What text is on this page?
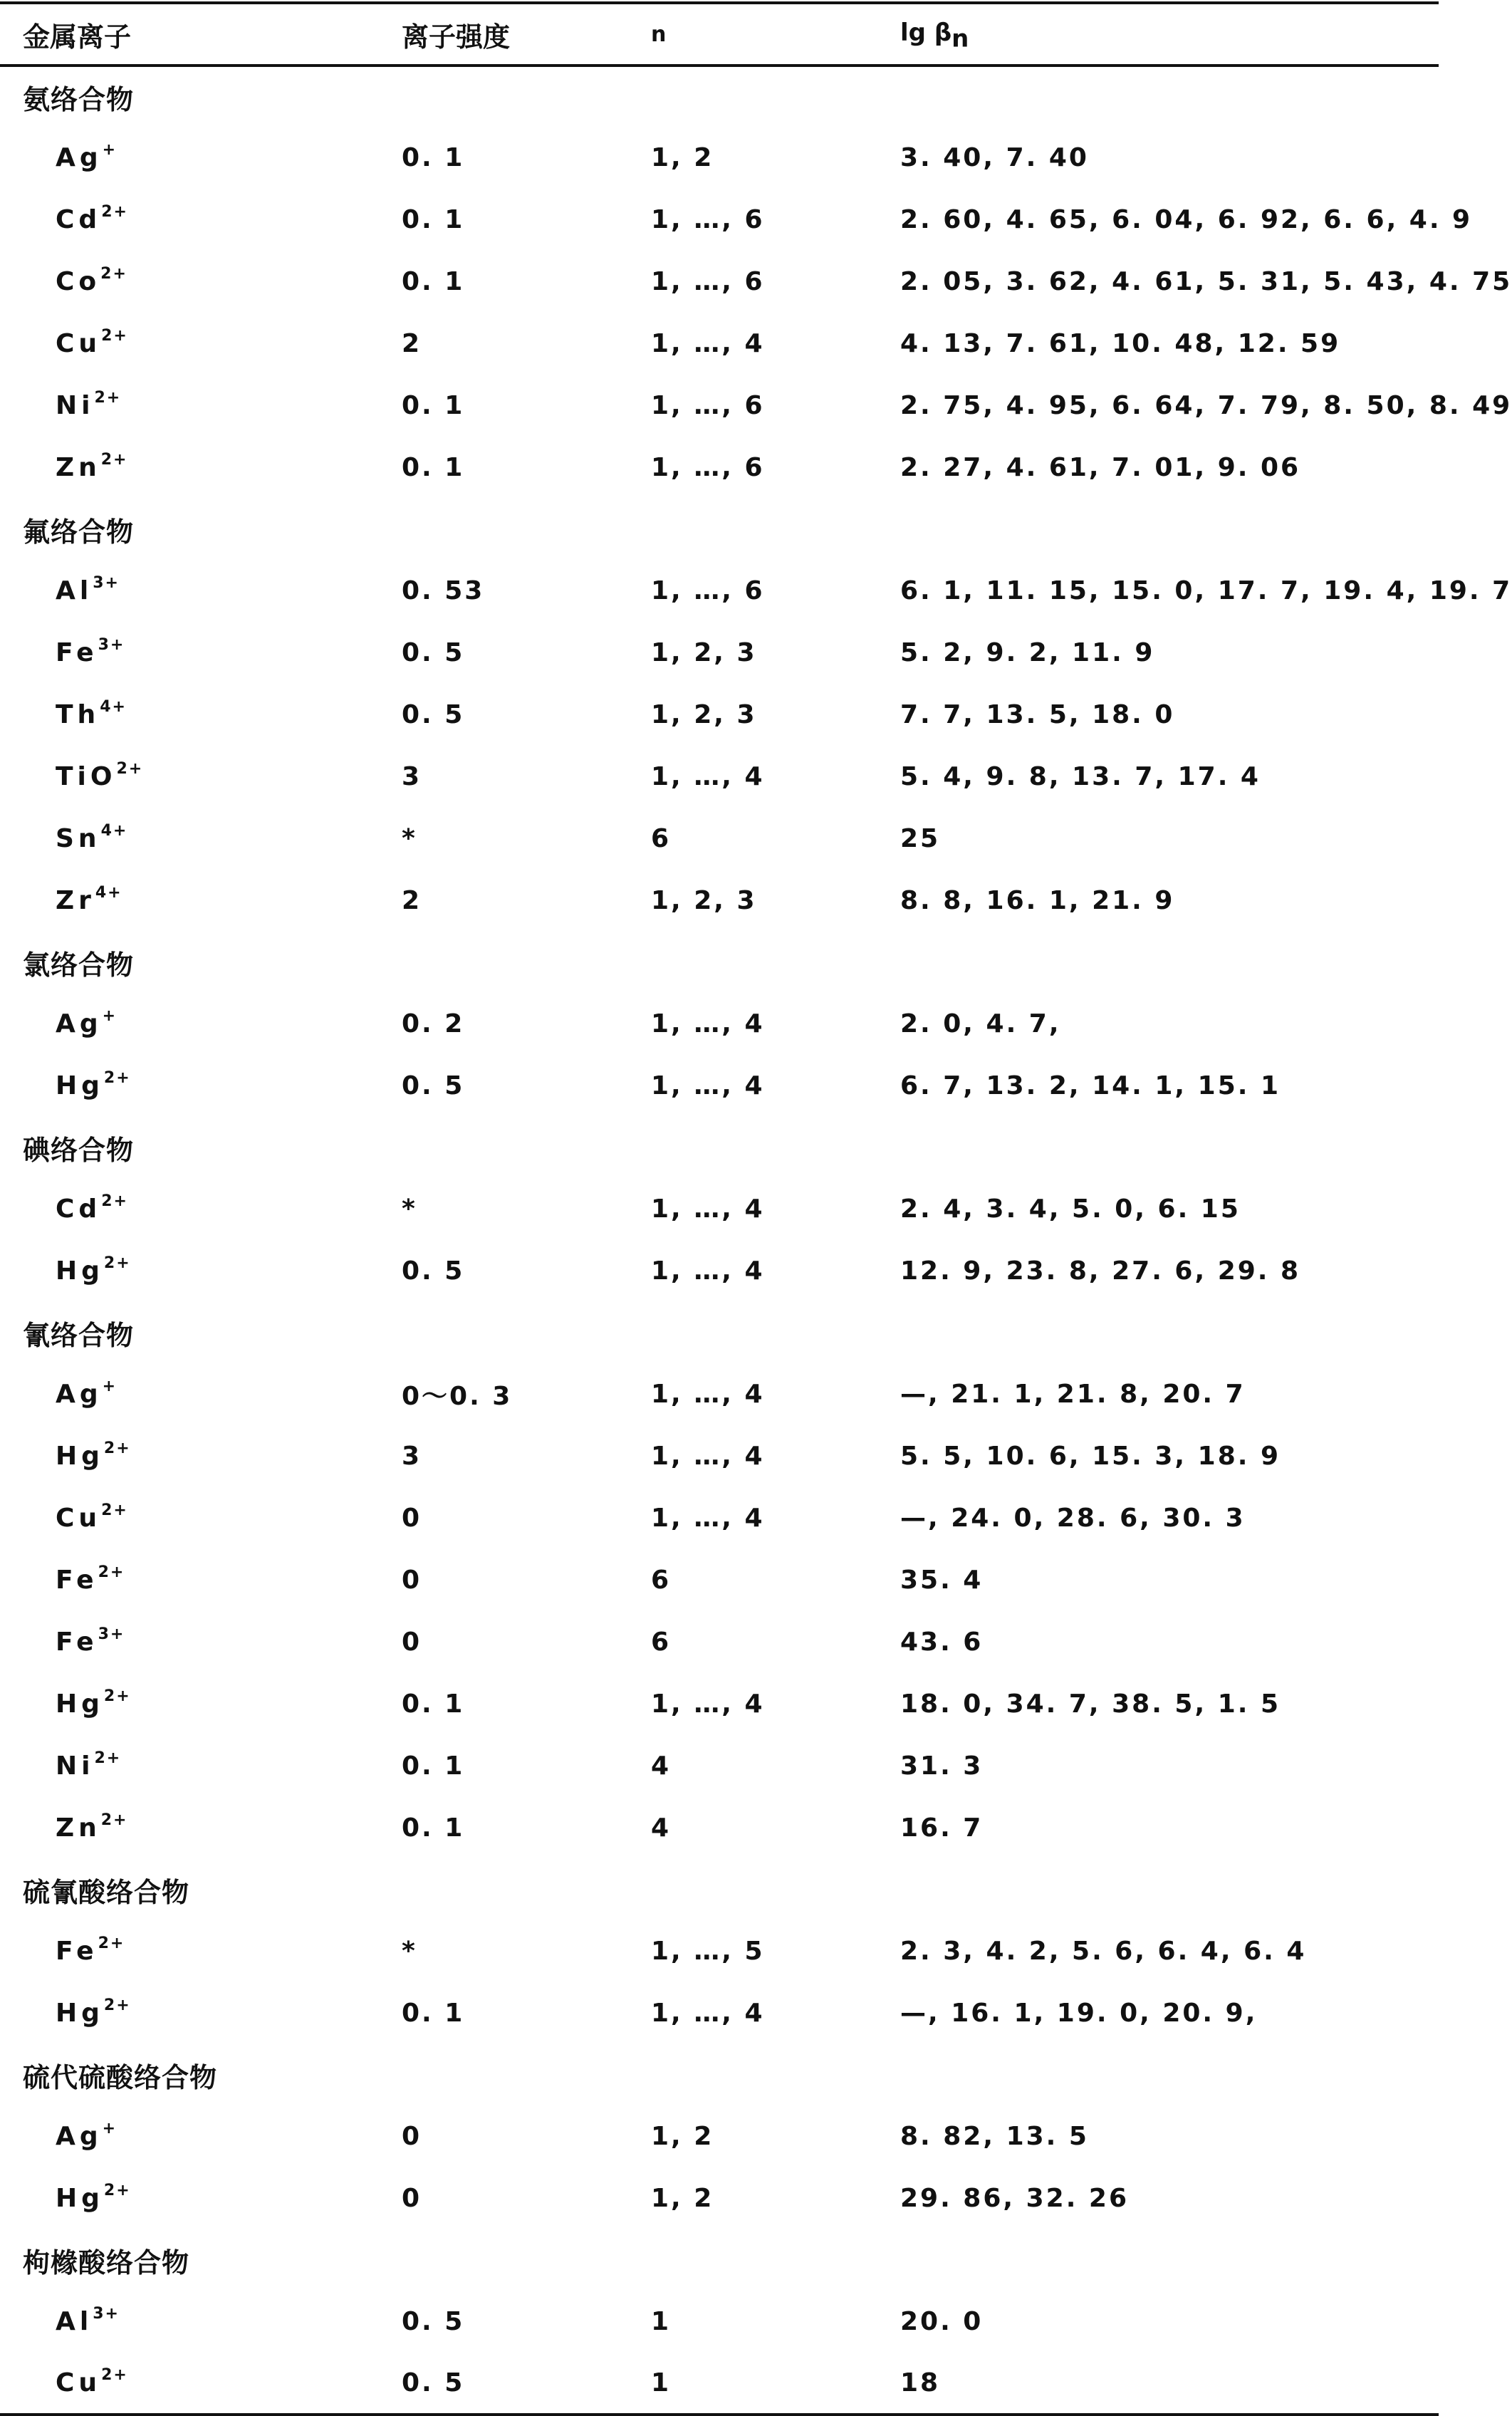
金属离子	离子强度	n	$\lg \beta_n$
氨络合物			
Ag+	0. 1	1, 2	3. 40, 7. 40
$Cd^{2+}$	0. 1	1, …, 6	2. 60, 4. 65, 6. 04, 6. 92, 6. 6, 4. 9
$Co^{2+}$	0. 1	1, …, 6	2. 05, 3. 62, 4. 61, 5. 31, 5. 43, 4. 75
$Cu^{2+}$	2	1, …, 4	4. 13, 7. 61, 10. 48, 12. 59
$Ni^{2+}$	0. 1	1, …, 6	2. 75, 4. 95, 6. 64, 7. 79, 8. 50, 8. 49
$Zn^{2+}$	0. 1	1, …, 6	2. 27, 4. 61, 7. 01, 9. 06
氟络合物			
$Al^{3+}$	0. 53	1, …, 6	6. 1, 11. 15, 15. 0, 17. 7, 19. 4, 19. 7
$Fe^{3+}$	0. 5	1, 2, 3	5. 2, 9. 2, 11. 9
$Th^{4+}$	0. 5	1, 2, 3	7. 7, 13. 5, 18. 0
TiO$^{2+}$	3	1, …, 4	5. 4, 9. 8, 13. 7, 17. 4
$Sn^{4+}$	*	6	25
$Zr^{4+}$	2	1, 2, 3	8. 8, 16. 1, 21. 9
氯络合物			
Ag+	0. 2	1, …, 4	2. 0, 4. 7,
$Hg^{2+}$	0. 5	1, …, 4	6. 7, 13. 2, 14. 1, 15. 1
碘络合物			
$Cd^{2+}$	*	1, …, 4	2. 4, 3. 4, 5. 0, 6. 15
$Hg^{2+}$	0. 5	1, …, 4	12. 9, 23. 8, 27. 6, 29. 8
氰络合物			
Ag+	0～0. 3	1, …, 4	—, 21. 1, 21. 8, 20. 7
$Hg^{2+}$	3	1, …, 4	5. 5, 10. 6, 15. 3, 18. 9
$Cu^{2+}$	0	1, …, 4	—, 24. 0, 28. 6, 30. 3
$Fe^{2+}$	0	6	35. 4
$Fe^{3+}$	0	6	43. 6
$Hg^{2+}$	0. 1	1, …, 4	18. 0, 34. 7, 38. 5, 1. 5
$Ni^{2+}$	0. 1	4	31. 3
$Zn^{2+}$	0. 1	4	16. 7
硫氰酸络合物			
$Fe^{2+}$	*	1, …, 5	2. 3, 4. 2, 5. 6, 6. 4, 6. 4
$Hg^{2+}$	0. 1	1, …, 4	—, 16. 1, 19. 0, 20. 9,
硫代硫酸络合物			
Ag+	0	1, 2	8. 82, 13. 5
$Hg^{2+}$	0	1, 2	29. 86, 32. 26
枸橼酸络合物			
$Al^{3+}$	0. 5	1	20. 0
$Cu^{2+}$	0. 5	1	18
